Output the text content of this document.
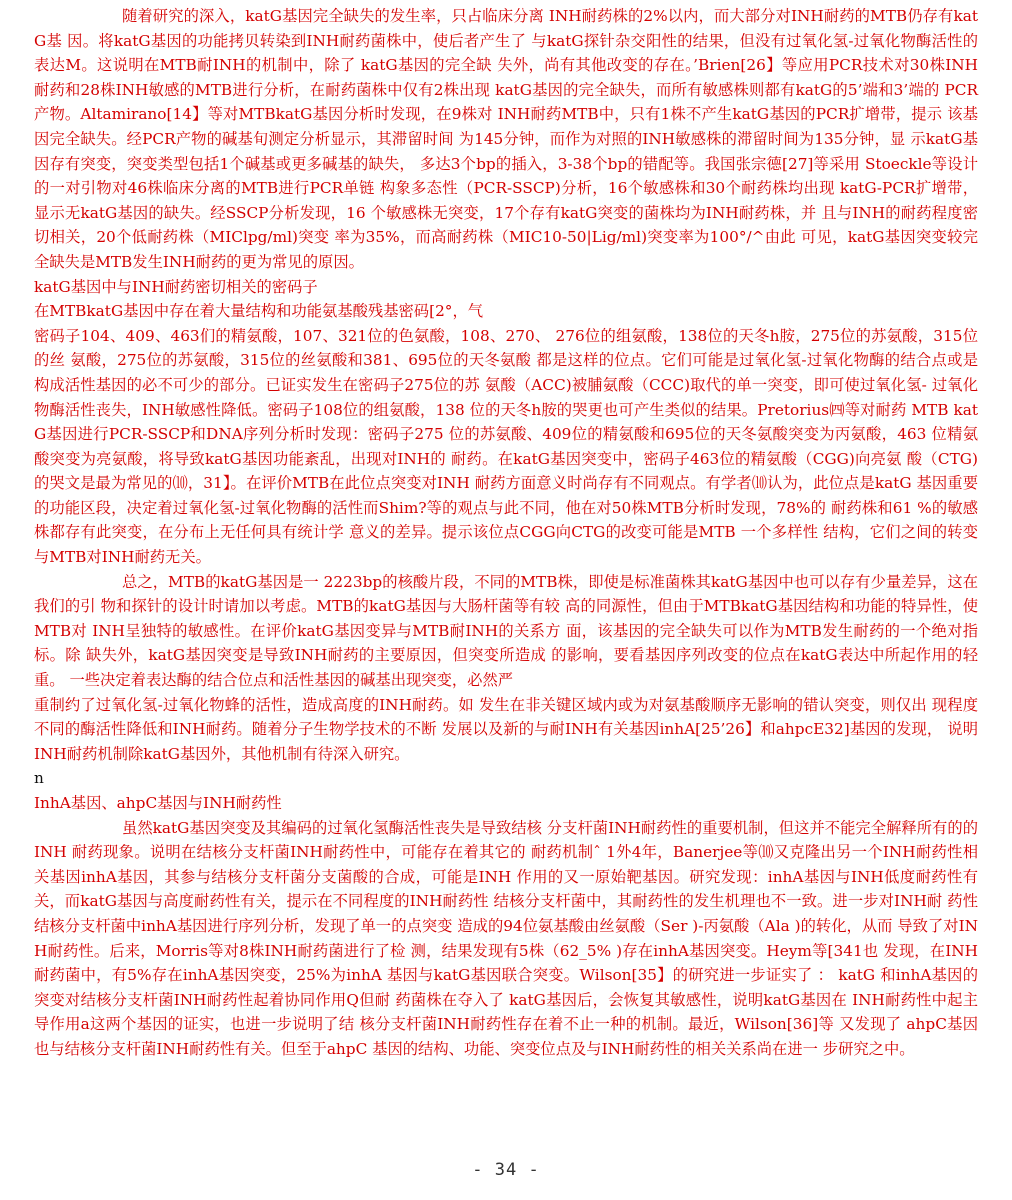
随着研究的深入，katG基因完全缺失的发生率，只占临床分离 INH耐药株的2%以内，而大部分对INH耐药的MTB仍存有katG基 因。将katG基因的功能拷贝转染到INH耐药菌株中，使后者产生了 与katG探针杂交阳性的结果，但没有过氧化氢-过氧化物酶活性的 表达M。这说明在MTB耐INH的机制中，除了 katG基因的完全缺 失外，尚有其他改变的存在。’Brien[26】等应用PCR技术对30株INH 耐药和28株INH敏感的MTB进行分析，在耐药菌株中仅有2株出现 katG基因的完全缺失，而所有敏感株则都有katG的5’端和3’端的 PCR产物。Altamirano[14】等对MTBkatG基因分析时发现，在9株对 INH耐药MTB中，只有1株不产生katG基因的PCR扩增带，提示 该基因完全缺失。经PCR产物的碱基旬测定分析显示，其滞留时间 为145分钟，而作为对照的INH敏感株的滞留时间为135分钟，显 示katG基因存有突变，突变类型包括1个碱基或更多碱基的缺失， 多达3个bp的插入，3-38个bp的错配等。我国张宗德[27]等采用 Stoeckle等设计的一对引物对46株临床分离的MTB进行PCR单链 构象多态性（PCR-SSCP)分析，16个敏感株和30个耐药株均出现 katG-PCR扩增带，显示无katG基因的缺失。经SSCP分析发现，16 个敏感株无突变，17个存有katG突变的菌株均为INH耐药株，并 且与INH的耐药程度密切相关，20个低耐药株（MIClpg/ml)突变 率为35%，而高耐药株（MIC10-50|Lig/ml)突变率为100°/^由此 可见，katG基因突变较完全缺失是MTB发生INH耐药的更为常见的原因。

katG基因中与INH耐药密切相关的密码子

在MTBkatG基因中存在着大量结构和功能氨基酸残基密码[2°，气

密码子104、409、463们的精氨酸，107、321位的色氨酸，108、270、 276位的组氨酸，138位的天冬h胺，275位的苏氨酸，315位的丝 氨酸，275位的苏氨酸，315位的丝氨酸和381、695位的天冬氨酸 都是这样的位点。它们可能是过氧化氢-过氧化物酶的结合点或是 构成活性基因的必不可少的部分。已证实发生在密码子275位的苏 氨酸（ACC)被脯氨酸（CCC)取代的单一突变，即可使过氧化氢- 过氧化物酶活性丧失，INH敏感性降低。密码子108位的组氨酸，138 位的天冬h胺的哭更也可产生类似的结果。Pretorius㈣等对耐药 MTB katG基因进行PCR-SSCP和DNA序列分析时发现：密码子275 位的苏氨酸、409位的精氨酸和695位的天冬氨酸突变为丙氨酸，463 位精氨酸突变为亮氨酸，将导致katG基因功能紊乱，出现对INH的 耐药。在katG基因突变中，密码子463位的精氨酸（CGG)向亮氨 酸（CTG)的哭文是最为常见的⑽，31】。在评价MTB在此位点突变对INH 耐药方面意义时尚存有不同观点。有学者⑽认为，此位点是katG 基因重要的功能区段，决定着过氧化氢-过氧化物酶的活性而Shim?等的观点与此不同，他在对50株MTB分析时发现，78%的 耐药株和61 %的敏感株都存有此突变，在分布上无任何具有统计学 意义的差异。提示该位点CGG向CTG的改变可能是MTB 一个多样性 结构，它们之间的转变与MTB对INH耐药无关。

总之，MTB的katG基因是一 2223bp的核酸片段，不同的MTB株，即使是标准菌株其katG基因中也可以存有少量差异，这在我们的引 物和探针的设计时请加以考虑。MTB的katG基因与大肠杆菌等有较 高的同源性，但由于MTBkatG基因结构和功能的特异性，使MTB对 INH呈独特的敏感性。在评价katG基因变异与MTB耐INH的关系方 面，该基因的完全缺失可以作为MTB发生耐药的一个绝对指标。除 缺失外，katG基因突变是导致INH耐药的主要原因，但突变所造成 的影响，要看基因序列改变的位点在katG表达中所起作用的轻重。 一些决定着表达酶的结合位点和活性基因的碱基出现突变，必然严

重制约了过氧化氢-过氧化物蜂的活性，造成高度的INH耐药。如 发生在非关键区域内或为对氨基酸顺序无影响的错认突变，则仅出 现程度不同的酶活性降低和INH耐药。随着分子生物学技术的不断 发展以及新的与耐INH有关基因inhA[25’26】和ahpcE32]基因的发现， 说明INH耐药机制除katG基因外，其他机制有待深入研究。

n

InhA基因、ahpC基因与INH耐药性

虽然katG基因突变及其编码的过氧化氢酶活性丧失是导致结核 分支杆菌INH耐药性的重要机制，但这并不能完全解释所有的的INH 耐药现象。说明在结核分支杆菌INH耐药性中，可能存在着其它的 耐药机制ˆ 1外4年，Banerjee等⑽又克隆出另一个INH耐药性相 关基因inhA基因，其参与结核分支杆菌分支菌酸的合成，可能是INH 作用的又一原始靶基因。研究发现：inhA基因与INH低度耐药性有 关，而katG基因与高度耐药性有关，提示在不同程度的INH耐药性 结核分支杆菌中，其耐药性的发生机理也不一致。进一步对INH耐 药性结核分支杆菌中inhA基因进行序列分析，发现了单一的点突变 造成的94位氨基酸由丝氨酸（Ser )-丙氨酸（Ala )的转化，从而 导致了对INH耐药性。后来，Morris等对8株INH耐药菌进行了检 测，结果发现有5株（62_5% )存在inhA基因突变。Heym等[341也 发现，在INH耐药菌中，有5%存在inhA基因突变，25%为inhA 基因与katG基因联合突变。Wilson[35】的研究进一步证实了 ： katG 和inhA基因的突变对结核分支杆菌INH耐药性起着协同作用Q但耐 药菌株在夺入了 katG基因后，会恢复其敏感性，说明katG基因在 INH耐药性中起主导作用a这两个基因的证实，也进一步说明了结 核分支杆菌INH耐药性存在着不止一种的机制。最近，Wilson[36]等 又发现了 ahpC基因也与结核分支杆菌INH耐药性有关。但至于ahpC 基因的结构、功能、突变位点及与INH耐药性的相关关系尚在进一 步研究之中。

- 34 -
